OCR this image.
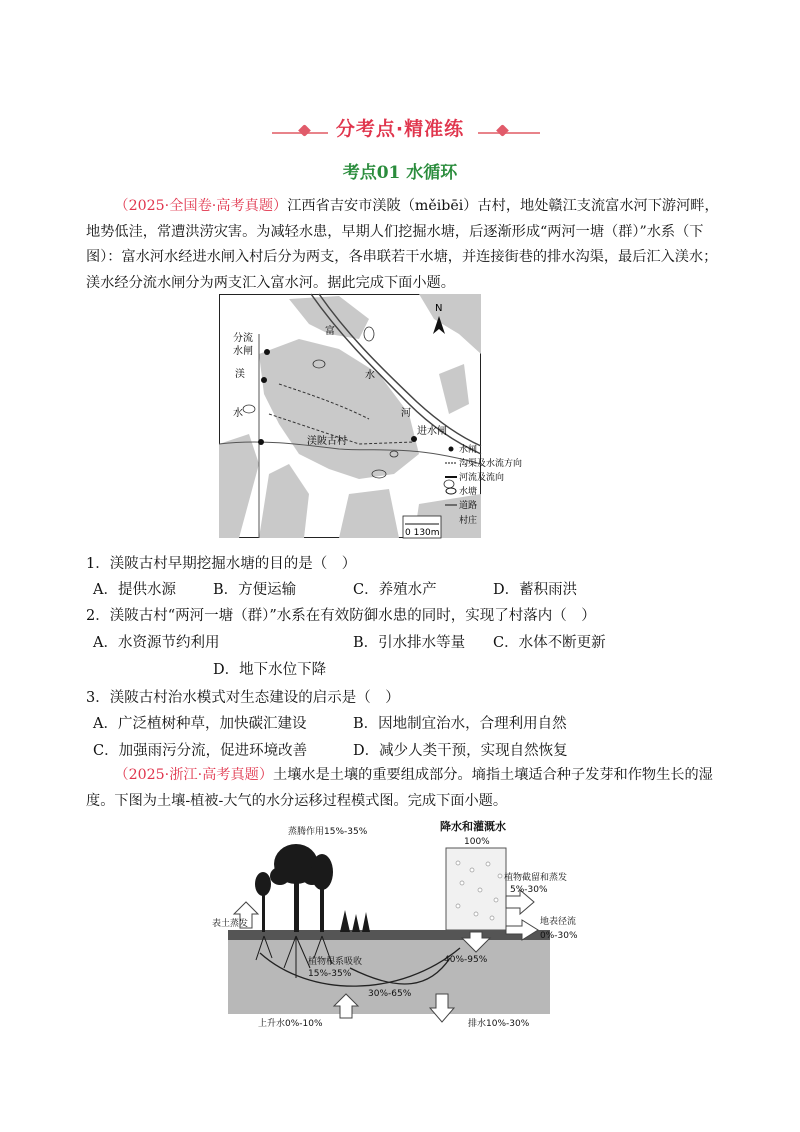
分考点·精准练
考点01 水循环

（2025·全国卷·高考真题）江西省吉安市渼陂（měibēi）古村，地处赣江支流富水河下游河畔，地势低洼，常遭洪涝灾害。为减轻水患，早期人们挖掘水塘，后逐渐形成“两河一塘（群）”水系（下图）：富水河水经进水闸入村后分为两支，各串联若干水塘，并连接街巷的排水沟渠，最后汇入渼水；渼水经分流水闸分为两支汇入富水河。据此完成下面小题。

分流
水闸
渼
水
富
水
河
渼陂古村
进水闸
N
水闸
沟渠及水流方向
河流及流向
水塘
道路
村庄
0 130m
1．渼陂古村早期挖掘水塘的目的是（　）
A．提供水源	B．方便运输	C．养殖水产	D．蓄积雨洪
2．渼陂古村“两河一塘（群）”水系在有效防御水患的同时，实现了村落内（　）
A．水资源节约利用	B．引水排水等量 C．水体不断更新
D．地下水位下降
3．渼陂古村治水模式对生态建设的启示是（　）
A．广泛植树种草，加快碳汇建设	B．因地制宜治水，合理利用自然
C．加强雨污分流，促进环境改善	D．减少人类干预，实现自然恢复

（2025·浙江·高考真题）土壤水是土壤的重要组成部分。墒指土壤适合种子发芽和作物生长的湿度。下图为土壤-植被-大气的水分运移过程模式图。完成下面小题。

蒸腾作用15%-35%	降水和灌溉水
100%
植物截留和蒸发
5%-30%
地表径流
0%-30%
表土蒸发
40%-95%
植物根系吸收
15%-35%
30%-65%
上升水0%-10%	排水10%-30%
